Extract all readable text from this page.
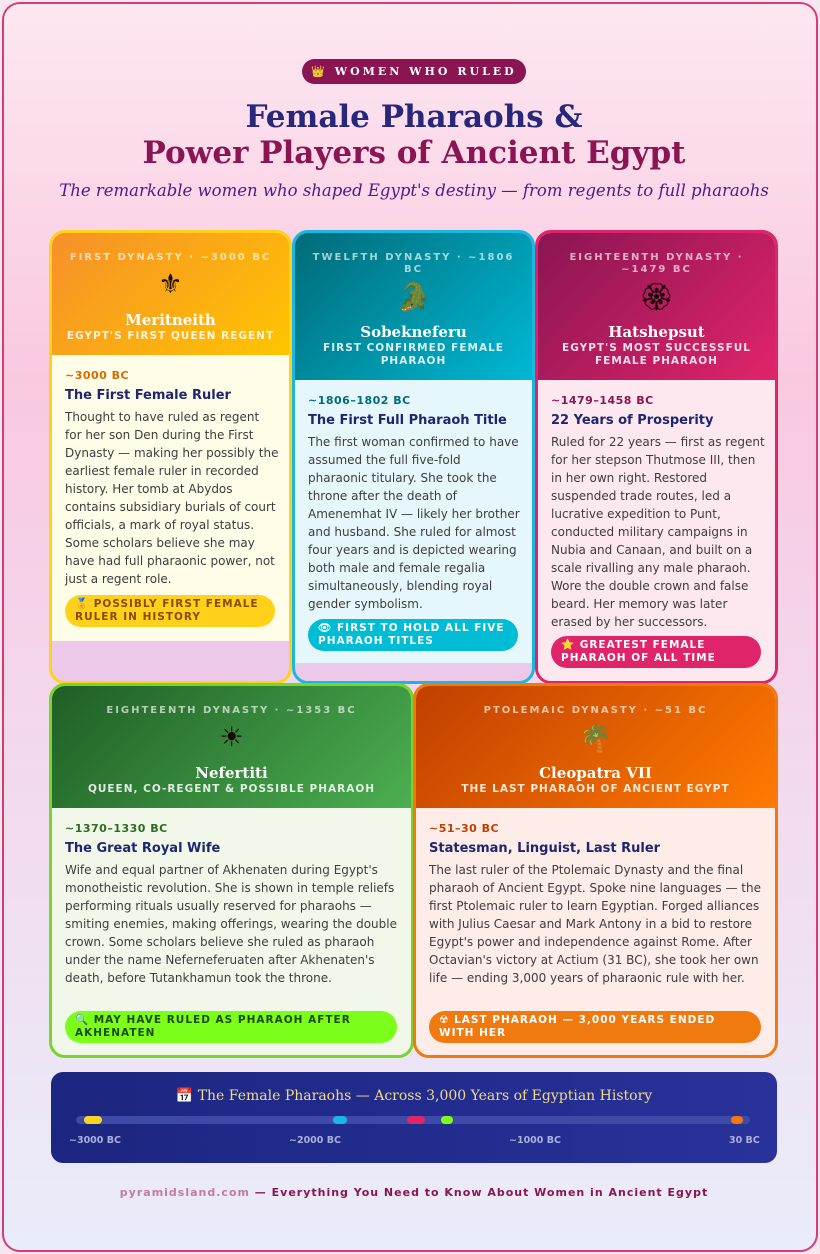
👑 WOMEN WHO RULED
Female Pharaohs &
Power Players of Ancient Egypt
The remarkable women who shaped Egypt's destiny — from regents to full pharaohs
FIRST DYNASTY · ~3000 BC
⚜
Meritneith
EGYPT'S FIRST QUEEN REGENT
~3000 BC
The First Female Ruler
Thought to have ruled as regent for her son Den during the First Dynasty — making her possibly the earliest female ruler in recorded history. Her tomb at Abydos contains subsidiary burials of court officials, a mark of royal status. Some scholars believe she may have had full pharaonic power, not just a regent role.
🏅 POSSIBLY FIRST FEMALE RULER IN HISTORY
TWELFTH DYNASTY · ~1806 BC
🐊
Sobekneferu
FIRST CONFIRMED FEMALE PHARAOH
~1806–1802 BC
The First Full Pharaoh Title
The first woman confirmed to have assumed the full five-fold pharaonic titulary. She took the throne after the death of Amenemhat IV — likely her brother and husband. She ruled for almost four years and is depicted wearing both male and female regalia simultaneously, blending royal gender symbolism.
👁 FIRST TO HOLD ALL FIVE PHARAOH TITLES
EIGHTEENTH DYNASTY · ~1479 BC
🏵
Hatshepsut
EGYPT'S MOST SUCCESSFUL FEMALE PHARAOH
~1479–1458 BC
22 Years of Prosperity
Ruled for 22 years — first as regent for her stepson Thutmose III, then in her own right. Restored suspended trade routes, led a lucrative expedition to Punt, conducted military campaigns in Nubia and Canaan, and built on a scale rivalling any male pharaoh. Wore the double crown and false beard. Her memory was later erased by her successors.
⭐ GREATEST FEMALE PHARAOH OF ALL TIME
EIGHTEENTH DYNASTY · ~1353 BC
☀
Nefertiti
QUEEN, CO-REGENT & POSSIBLE PHARAOH
~1370–1330 BC
The Great Royal Wife
Wife and equal partner of Akhenaten during Egypt's monotheistic revolution. She is shown in temple reliefs performing rituals usually reserved for pharaohs — smiting enemies, making offerings, wearing the double crown. Some scholars believe she ruled as pharaoh under the name Neferneferuaten after Akhenaten's death, before Tutankhamun took the throne.
🔍 MAY HAVE RULED AS PHARAOH AFTER AKHENATEN
PTOLEMAIC DYNASTY · ~51 BC
🌴
Cleopatra VII
THE LAST PHARAOH OF ANCIENT EGYPT
~51–30 BC
Statesman, Linguist, Last Ruler
The last ruler of the Ptolemaic Dynasty and the final pharaoh of Ancient Egypt. Spoke nine languages — the first Ptolemaic ruler to learn Egyptian. Forged alliances with Julius Caesar and Mark Antony in a bid to restore Egypt's power and independence against Rome. After Octavian's victory at Actium (31 BC), she took her own life — ending 3,000 years of pharaonic rule with her.
☢ LAST PHARAOH — 3,000 YEARS ENDED WITH HER
📅 The Female Pharaohs — Across 3,000 Years of Egyptian History
~3000 BC	~2000 BC	~1000 BC	30 BC
pyramidsland.com — Everything You Need to Know About Women in Ancient Egypt
